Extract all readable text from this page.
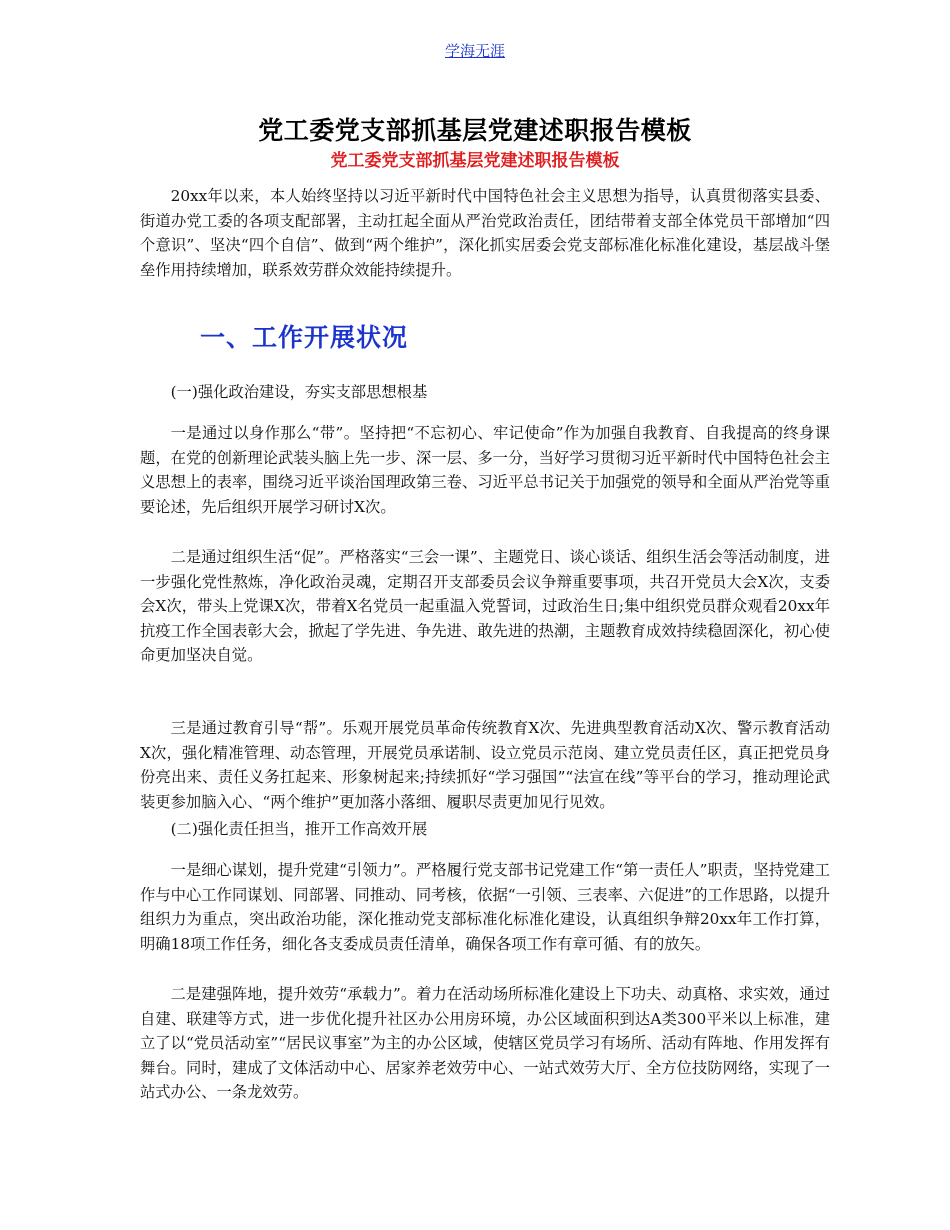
学海无涯
党工委党支部抓基层党建述职报告模板
党工委党支部抓基层党建述职报告模板

20xx年以来，本人始终坚持以习近平新时代中国特色社会主义思想为指导，认真贯彻落实县委、街道办党工委的各项支配部署，主动扛起全面从严治党政治责任，团结带着支部全体党员干部增加“四个意识”、坚决“四个自信”、做到“两个维护”，深化抓实居委会党支部标准化标准化建设，基层战斗堡垒作用持续增加，联系效劳群众效能持续提升。

一、工作开展状况

(一)强化政治建设，夯实支部思想根基

一是通过以身作那么“带”。坚持把“不忘初心、牢记使命”作为加强自我教育、自我提高的终身课题，在党的创新理论武装头脑上先一步、深一层、多一分，当好学习贯彻习近平新时代中国特色社会主义思想上的表率，围绕习近平谈治国理政第三卷、习近平总书记关于加强党的领导和全面从严治党等重要论述，先后组织开展学习研讨X次。

二是通过组织生活“促”。严格落实“三会一课”、主题党日、谈心谈话、组织生活会等活动制度，进一步强化党性熬炼，净化政治灵魂，定期召开支部委员会议争辩重要事项，共召开党员大会X次，支委会X次，带头上党课X次，带着X名党员一起重温入党誓词，过政治生日;集中组织党员群众观看20xx年抗疫工作全国表彰大会，掀起了学先进、争先进、敢先进的热潮，主题教育成效持续稳固深化，初心使命更加坚决自觉。

三是通过教育引导“帮”。乐观开展党员革命传统教育X次、先进典型教育活动X次、警示教育活动X次，强化精准管理、动态管理，开展党员承诺制、设立党员示范岗、建立党员责任区，真正把党员身份亮出来、责任义务扛起来、形象树起来;持续抓好“学习强国”“法宣在线”等平台的学习，推动理论武装更参加脑入心、“两个维护”更加落小落细、履职尽责更加见行见效。

(二)强化责任担当，推开工作高效开展

一是细心谋划，提升党建“引领力”。严格履行党支部书记党建工作“第一责任人”职责，坚持党建工作与中心工作同谋划、同部署、同推动、同考核，依据“一引领、三表率、六促进”的工作思路，以提升组织力为重点，突出政治功能，深化推动党支部标准化标准化建设，认真组织争辩20xx年工作打算，明确18项工作任务，细化各支委成员责任清单，确保各项工作有章可循、有的放矢。

二是建强阵地，提升效劳“承载力”。着力在活动场所标准化建设上下功夫、动真格、求实效，通过自建、联建等方式，进一步优化提升社区办公用房环境，办公区域面积到达A类300平米以上标准，建立了以“党员活动室”“居民议事室”为主的办公区域，使辖区党员学习有场所、活动有阵地、作用发挥有舞台。同时，建成了文体活动中心、居家养老效劳中心、一站式效劳大厅、全方位技防网络，实现了一站式办公、一条龙效劳。
